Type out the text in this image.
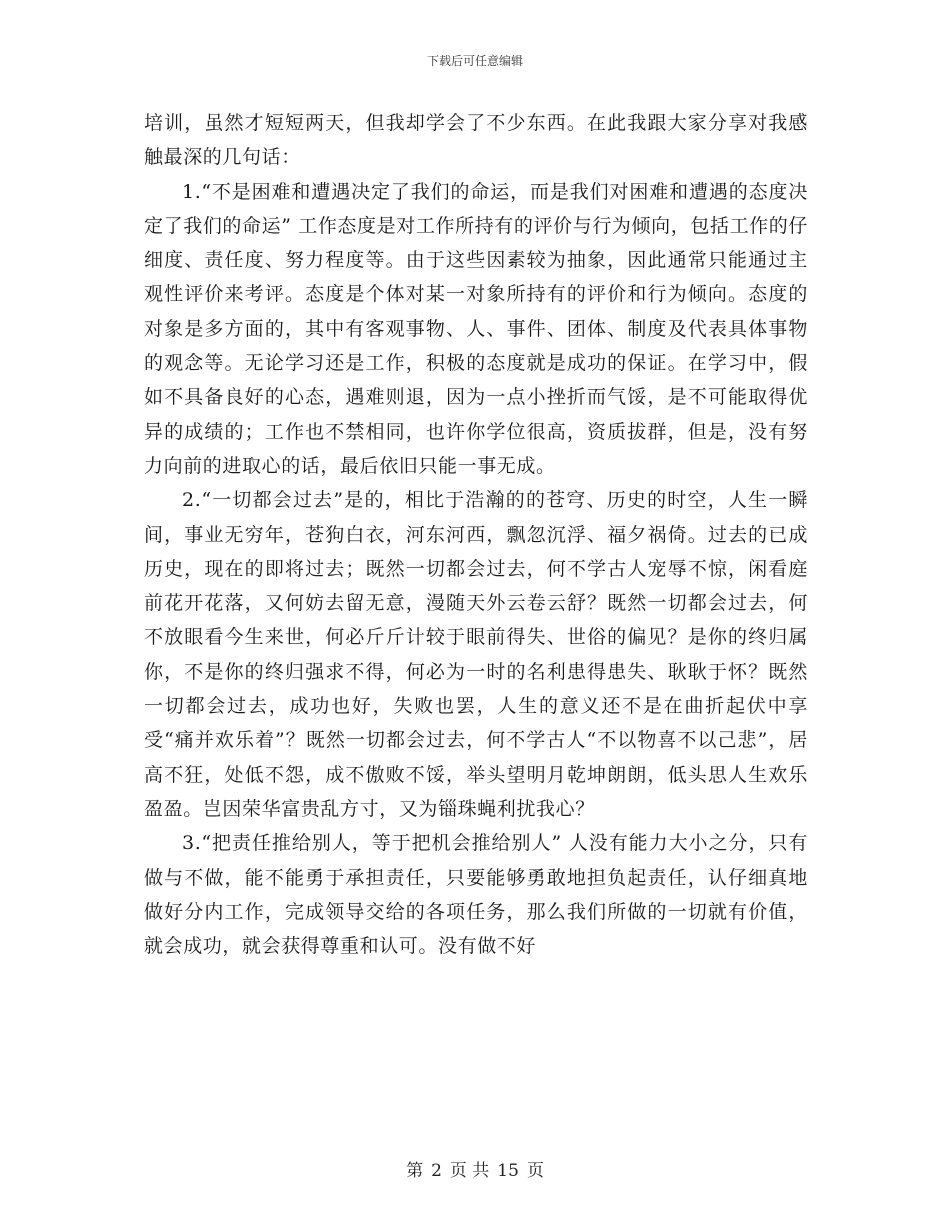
下载后可任意编辑

培训，虽然才短短两天，但我却学会了不少东西。在此我跟大家分享对我感触最深的几句话：

1.“不是困难和遭遇决定了我们的命运，而是我们对困难和遭遇的态度决定了我们的命运” 工作态度是对工作所持有的评价与行为倾向，包括工作的仔细度、责任度、努力程度等。由于这些因素较为抽象，因此通常只能通过主观性评价来考评。态度是个体对某一对象所持有的评价和行为倾向。态度的对象是多方面的，其中有客观事物、人、事件、团体、制度及代表具体事物的观念等。无论学习还是工作，积极的态度就是成功的保证。在学习中，假如不具备良好的心态，遇难则退，因为一点小挫折而气馁，是不可能取得优异的成绩的；工作也不禁相同，也许你学位很高，资质拔群，但是，没有努力向前的进取心的话，最后依旧只能一事无成。

2.“一切都会过去”是的，相比于浩瀚的的苍穹、历史的时空，人生一瞬间，事业无穷年，苍狗白衣，河东河西，飘忽沉浮、福夕祸倚。过去的已成历史，现在的即将过去；既然一切都会过去，何不学古人宠辱不惊，闲看庭前花开花落，又何妨去留无意，漫随天外云卷云舒？既然一切都会过去，何不放眼看今生来世，何必斤斤计较于眼前得失、世俗的偏见？是你的终归属你，不是你的终归强求不得，何必为一时的名利患得患失、耿耿于怀？既然一切都会过去，成功也好，失败也罢，人生的意义还不是在曲折起伏中享受“痛并欢乐着”？既然一切都会过去，何不学古人“不以物喜不以己悲”，居高不狂，处低不怨，成不傲败不馁，举头望明月乾坤朗朗，低头思人生欢乐盈盈。岂因荣华富贵乱方寸，又为锱珠蝇利扰我心？

3.“把责任推给别人，等于把机会推给别人” 人没有能力大小之分，只有做与不做，能不能勇于承担责任，只要能够勇敢地担负起责任，认仔细真地做好分内工作，完成领导交给的各项任务，那么我们所做的一切就有价值，就会成功，就会获得尊重和认可。没有做不好

第 2 页 共 15 页
